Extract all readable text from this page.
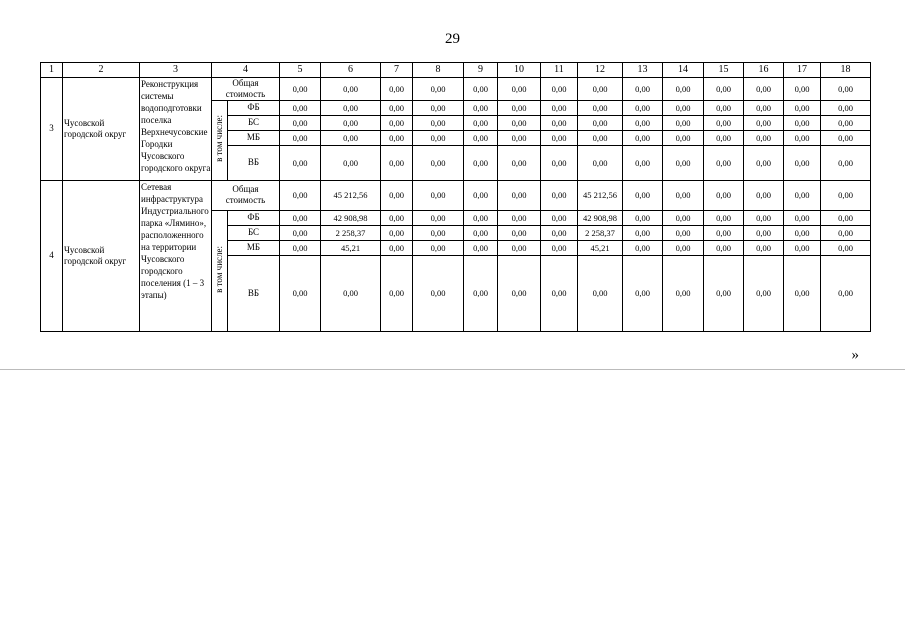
29
1	2	3	4		5	6	7	8	9	10	11	12	13	14	15	16	17	18
3	Чусовской городской округ	Реконструкция системы водоподготовки поселка Верхнечусовские Городки Чусовского городского округа	Общая стоимость		0,00	0,00	0,00	0,00	0,00	0,00	0,00	0,00	0,00	0,00	0,00	0,00	0,00	0,00
			в том числе:	ФБ	0,00	0,00	0,00	0,00	0,00	0,00	0,00	0,00	0,00	0,00	0,00	0,00	0,00	0,00
				БС	0,00	0,00	0,00	0,00	0,00	0,00	0,00	0,00	0,00	0,00	0,00	0,00	0,00	0,00
				МБ	0,00	0,00	0,00	0,00	0,00	0,00	0,00	0,00	0,00	0,00	0,00	0,00	0,00	0,00
				ВБ	0,00	0,00	0,00	0,00	0,00	0,00	0,00	0,00	0,00	0,00	0,00	0,00	0,00	0,00
4	Чусовской городской округ	Сетевая инфраструктура Индустриального парка «Лямино», расположенного на территории Чусовского городского поселения (1 – 3 этапы)	Общая стоимость		0,00	45 212,56	0,00	0,00	0,00	0,00	0,00	45 212,56	0,00	0,00	0,00	0,00	0,00	0,00
			в том числе:	ФБ	0,00	42 908,98	0,00	0,00	0,00	0,00	0,00	42 908,98	0,00	0,00	0,00	0,00	0,00	0,00
				БС	0,00	2 258,37	0,00	0,00	0,00	0,00	0,00	2 258,37	0,00	0,00	0,00	0,00	0,00	0,00
				МБ	0,00	45,21	0,00	0,00	0,00	0,00	0,00	45,21	0,00	0,00	0,00	0,00	0,00	0,00
				ВБ	0,00	0,00	0,00	0,00	0,00	0,00	0,00	0,00	0,00	0,00	0,00	0,00	0,00	0,00
»
